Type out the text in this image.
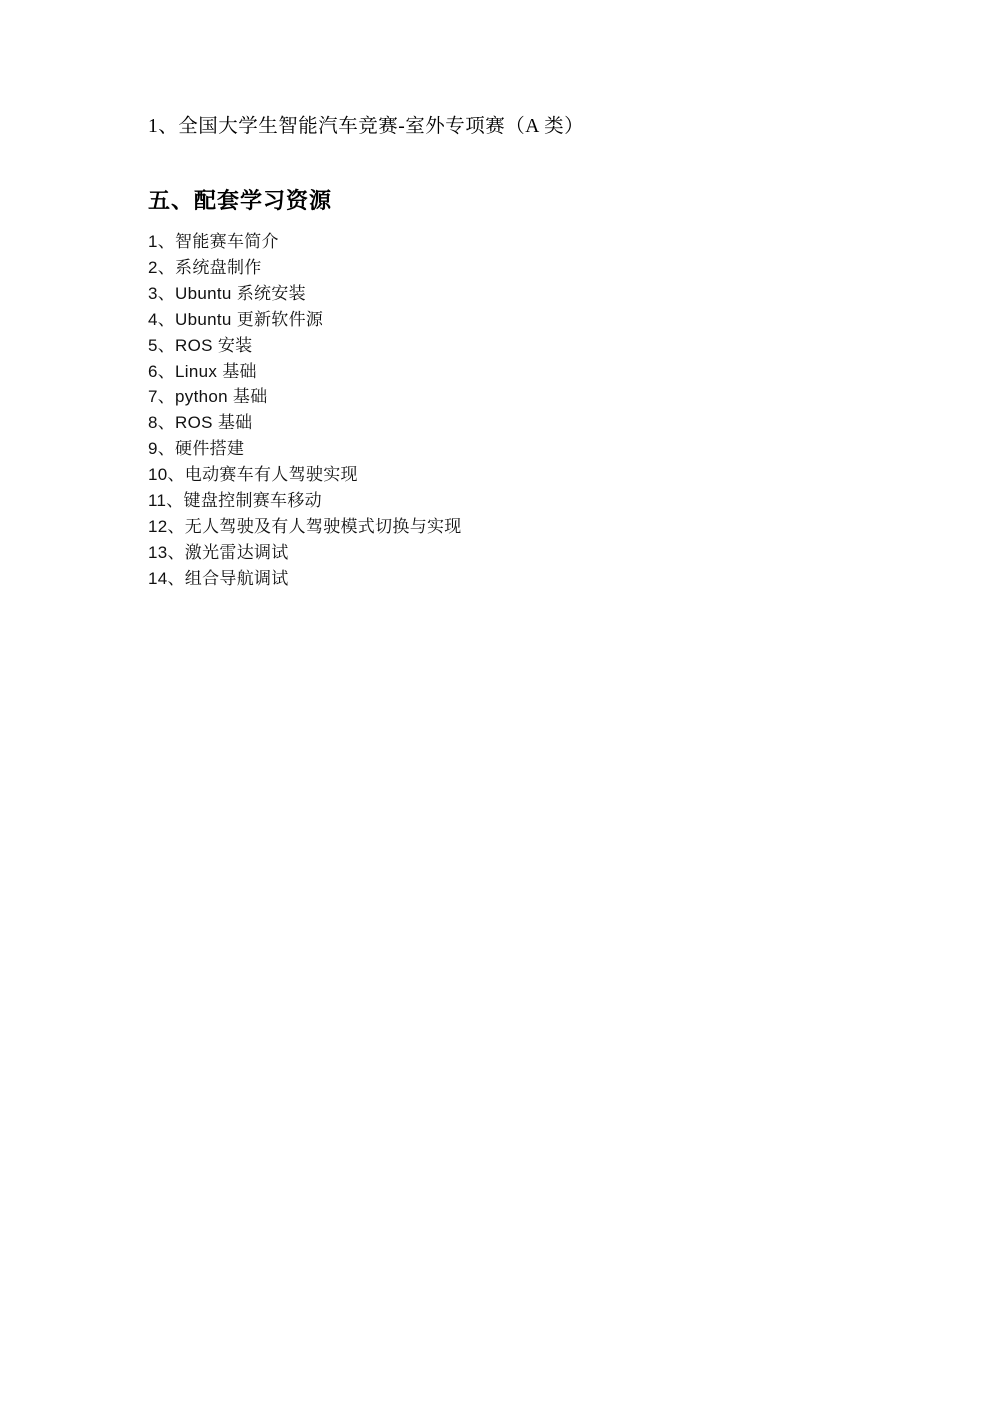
1、全国大学生智能汽车竞赛-室外专项赛（A 类）
五、配套学习资源
1、智能赛车简介
2、系统盘制作
3、Ubuntu 系统安装
4、Ubuntu 更新软件源
5、ROS 安装
6、Linux 基础
7、python 基础
8、ROS 基础
9、硬件搭建
10、电动赛车有人驾驶实现
11、键盘控制赛车移动
12、无人驾驶及有人驾驶模式切换与实现
13、激光雷达调试
14、组合导航调试
